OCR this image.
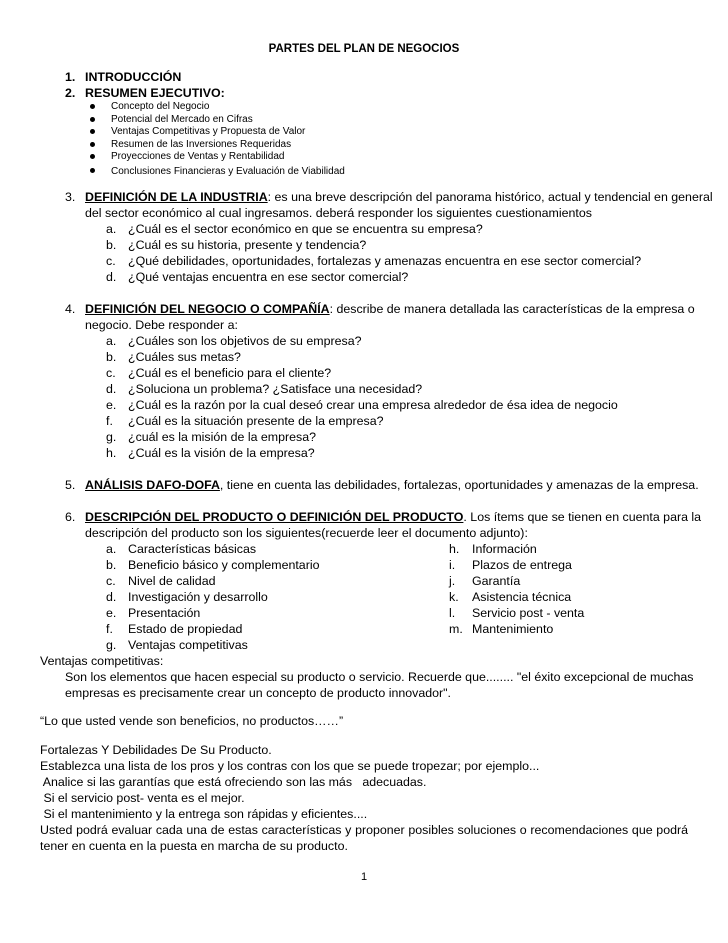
PARTES DEL PLAN DE NEGOCIOS
1. INTRODUCCIÓN
2. RESUMEN EJECUTIVO:
Concepto del Negocio
Potencial del Mercado en Cifras
Ventajas Competitivas y Propuesta de Valor
Resumen de las Inversiones Requeridas
Proyecciones de Ventas y Rentabilidad
Conclusiones Financieras y Evaluación de Viabilidad
3. DEFINICIÓN DE LA INDUSTRIA: es una breve descripción del panorama histórico, actual y tendencial en general
del sector económico al cual ingresamos. deberá responder los siguientes cuestionamientos
a. ¿Cuál es el sector económico en que se encuentra su empresa?
b. ¿Cuál es su historia, presente y tendencia?
c. ¿Qué debilidades, oportunidades, fortalezas y amenazas encuentra en ese sector comercial?
d. ¿Qué ventajas encuentra en ese sector comercial?
4. DEFINICIÓN DEL NEGOCIO O COMPAÑÍA: describe de manera detallada las características de la empresa o
negocio. Debe responder a:
a. ¿Cuáles son los objetivos de su empresa?
b. ¿Cuáles sus metas?
c. ¿Cuál es el beneficio para el cliente?
d. ¿Soluciona un problema? ¿Satisface una necesidad?
e. ¿Cuál es la razón por la cual deseó crear una empresa alrededor de ésa idea de negocio
f. ¿Cuál es la situación presente de la empresa?
g. ¿cuál es la misión de la empresa?
h. ¿Cuál es la visión de la empresa?
5. ANÁLISIS DAFO-DOFA, tiene en cuenta las debilidades, fortalezas, oportunidades y amenazas de la empresa.
6. DESCRIPCIÓN DEL PRODUCTO O DEFINICIÓN DEL PRODUCTO. Los ítems que se tienen en cuenta para la
descripción del producto son los siguientes(recuerde leer el documento adjunto):
a. Características básicas
b. Beneficio básico y complementario
c. Nivel de calidad
d. Investigación y desarrollo
e. Presentación
f. Estado de propiedad
g. Ventajas competitivas
h. Información
i. Plazos de entrega
j. Garantía
k. Asistencia técnica
l. Servicio post - venta
m. Mantenimiento
Ventajas competitivas:
Son los elementos que hacen especial su producto o servicio. Recuerde que........ "el éxito excepcional de muchas
empresas es precisamente crear un concepto de producto innovador".
“Lo que usted vende son beneficios, no productos……”
Fortalezas Y Debilidades De Su Producto.
Establezca una lista de los pros y los contras con los que se puede tropezar; por ejemplo...
Analice si las garantías que está ofreciendo son las más   adecuadas.
Si el servicio post- venta es el mejor.
Si el mantenimiento y la entrega son rápidas y eficientes....
Usted podrá evaluar cada una de estas características y proponer posibles soluciones o recomendaciones que podrá tener en cuenta en la puesta en marcha de su producto.
1
